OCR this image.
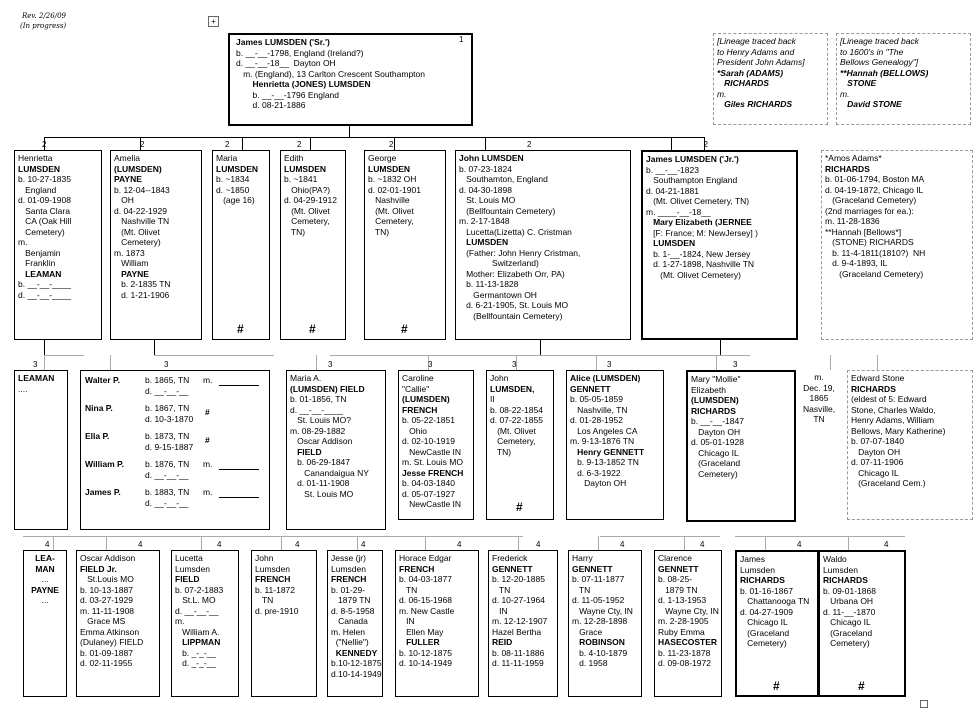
Rev. 2/26/09
(In progress)	+
James LUMSDEN ('Sr.')
b. __-__-1798, England (Ireland?)
d. __-__-18__  Dayton OH
m. (England), 13 Carlton Crescent Southampton
Henrietta (JONES) LUMSDEN
b. __-__-1796 England
d. 08-21-1886
1	[Lineage traced back
to Henry Adams and
President John Adams]
*Sarah (ADAMS)
RICHARDS
m.
Giles RICHARDS
[Lineage traced back
to 1600's in "The
Bellows Genealogy"]
**Hannah (BELLOWS)
STONE
m.
David STONE
Henrietta
LUMSDEN
b. 10-27-1835
England
d. 01-09-1908
Santa Clara
CA (Oak Hill
Cemetery)
m.
Benjamin
Franklin
LEAMAN
b. __-__-____
d. __-__-____
2
Amelia
(LUMSDEN)
PAYNE
b. 12-04--1843
OH
d. 04-22-1929
Nashville TN
(Mt. Olivet
Cemetery)
m. 1873
William
PAYNE
b. 2-1835 TN
d. 1-21-1906
2
Maria
LUMSDEN
b. ~1834
d. ~1850
(age 16)
2
#
Edith
LUMSDEN
b. ~1841
Ohio(PA?)
d. 04-29-1912
(Mt. Olivet
Cemetery,
TN)
2
#
George
LUMSDEN
b. ~1832 OH
d. 02-01-1901
Nashville
(Mt. Olivet
Cemetery,
TN)
2
#
John LUMSDEN
b. 07-23-1824
Southamton, England
d. 04-30-1898
St. Louis MO
(Bellfountain Cemetery)
m. 2-17-1848
Lucetta(Lizetta) C. Cristman
LUMSDEN
(Father: John Henry Cristman,
Switzerland)
Mother: Elizabeth Orr, PA)
b. 11-13-1828
Germantown OH
d. 6-21-1905, St. Louis MO
(Bellfountain Cemetery)
2
James LUMSDEN ('Jr.')
b. __-__-1823
Southampton England
d. 04-21-1881
(Mt. Olivet Cemetery, TN)
m. ____-__-18__
Mary Elizabeth (JERNEE
[F: France; M: NewJersey] )
LUMSDEN
b. 1-__-1824, New Jersey
d. 1-27-1898, Nashville TN
(Mt. Olivet Cemetery)
2
*Amos Adams*
RICHARDS
b. 01-06-1794, Boston MA
d. 04-19-1872, Chicago IL
(Graceland Cemetery)
(2nd marriages for ea.):
m. 11-28-1836
**Hannah [Bellows*]
(STONE) RICHARDS
b. 11-4-1811(1810?)  NH
d. 9-4-1893, IL
(Graceland Cemetery)
LEAMAN
....
3
Walter P.	b. 1865, TN
d. __-__-__
m.
Nina P.	b. 1867, TN
d. 10-3-1870
#
Ella P.	b. 1873, TN
d. 9-15-1887
#
William P. b. 1876, TN
d. __-__-__
m.
James P.	b. 1883, TN
d. __-__-__
m.
3
Maria A.
(LUMSDEN) FIELD
b. 01-1856, TN
d. __-__-____
St. Louis MO?
m. 08-29-1882
Oscar Addison
FIELD
b. 06-29-1847
Canandaigua NY
d. 01-11-1908
St. Louis MO
3
Caroline
"Callie"
(LUMSDEN)
FRENCH
b. 05-22-1851
Ohio
d. 02-10-1919
NewCastle IN
m. St. Louis MO
Jesse FRENCH
b. 04-03-1840
d. 05-07-1927
NewCastle IN
3
John
LUMSDEN,
II
b. 08-22-1854
d. 07-22-1855
(Mt. Olivet
Cemetery,
TN)
3
#
Alice (LUMSDEN)
GENNETT
b. 05-05-1859
Nashville, TN
d. 01-28-1952
Los Angeles CA
m. 9-13-1876 TN
Henry GENNETT
b. 9-13-1852 TN
d. 6-3-1922
Dayton OH
3
Mary "Mollie"
Elizabeth
(LUMSDEN)
RICHARDS
b. __-__-1847
Dayton OH
d. 05-01-1928
Chicago IL
(Graceland
Cemetery)
3
m.
Dec. 19,
1865
Nasville,
TN
Edward Stone
RICHARDS
(eldest of 5: Edward
Stone, Charles Waldo,
Henry Adams, William
Bellows, Mary Katherine)
b. 07-07-1840
Dayton OH
d. 07-11-1906
Chicago IL
(Graceland Cem.)
LEA-
MAN
...
PAYNE
...
4
Oscar Addison
FIELD Jr.
St.Louis MO
b. 10-13-1887
d. 03-27-1929
m. 11-11-1908
Grace MS
Emma Atkinson
(Dulaney) FIELD
b. 01-09-1887
d. 02-11-1955
4
Lucetta
Lumsden
FIELD
b. 07-2-1883
St.L. MO
d. __-__-__
m.
William A.
LIPPMAN
b. _-_-__
d. _-_-__
4
John
Lumsden
FRENCH
b. 11-1872
TN
d. pre-1910
4
Jesse (jr)
Lumsden
FRENCH
b. 01-29-
1879 TN
d. 8-5-1958
Canada
m. Helen
("Nellie")
KENNEDY
b.10-12-1875
d.10-14-1949
4
Horace Edgar
FRENCH
b. 04-03-1877
TN
d. 06-15-1968
m. New Castle
IN
Ellen May
FULLER
b. 10-12-1875
d. 10-14-1949
4
Frederick
GENNETT
b. 12-20-1885
TN
d. 10-27-1964
IN
m. 12-12-1907
Hazel Bertha
REID
b. 08-11-1886
d. 11-11-1959
4
Harry
GENNETT
b. 07-11-1877
TN
d. 11-05-1952
Wayne Cty, IN
m. 12-28-1898
Grace
ROBINSON
b. 4-10-1879
d. 1958
4
Clarence
GENNETT
b. 08-25-
1879 TN
d. 1-13-1953
Wayne Cty, IN
m. 2-28-1905
Ruby Emma
HASECOSTER
b. 11-23-1878
d. 09-08-1972
4
James
Lumsden
RICHARDS
b. 01-16-1867
Chattanooga TN
d. 04-27-1909
Chicago IL
(Graceland
Cemetery)
4
#
Waldo
Lumsden
RICHARDS
b. 09-01-1868
Urbana OH
d. 11-__-1870
Chicago IL
(Graceland
Cemetery)
4
#
